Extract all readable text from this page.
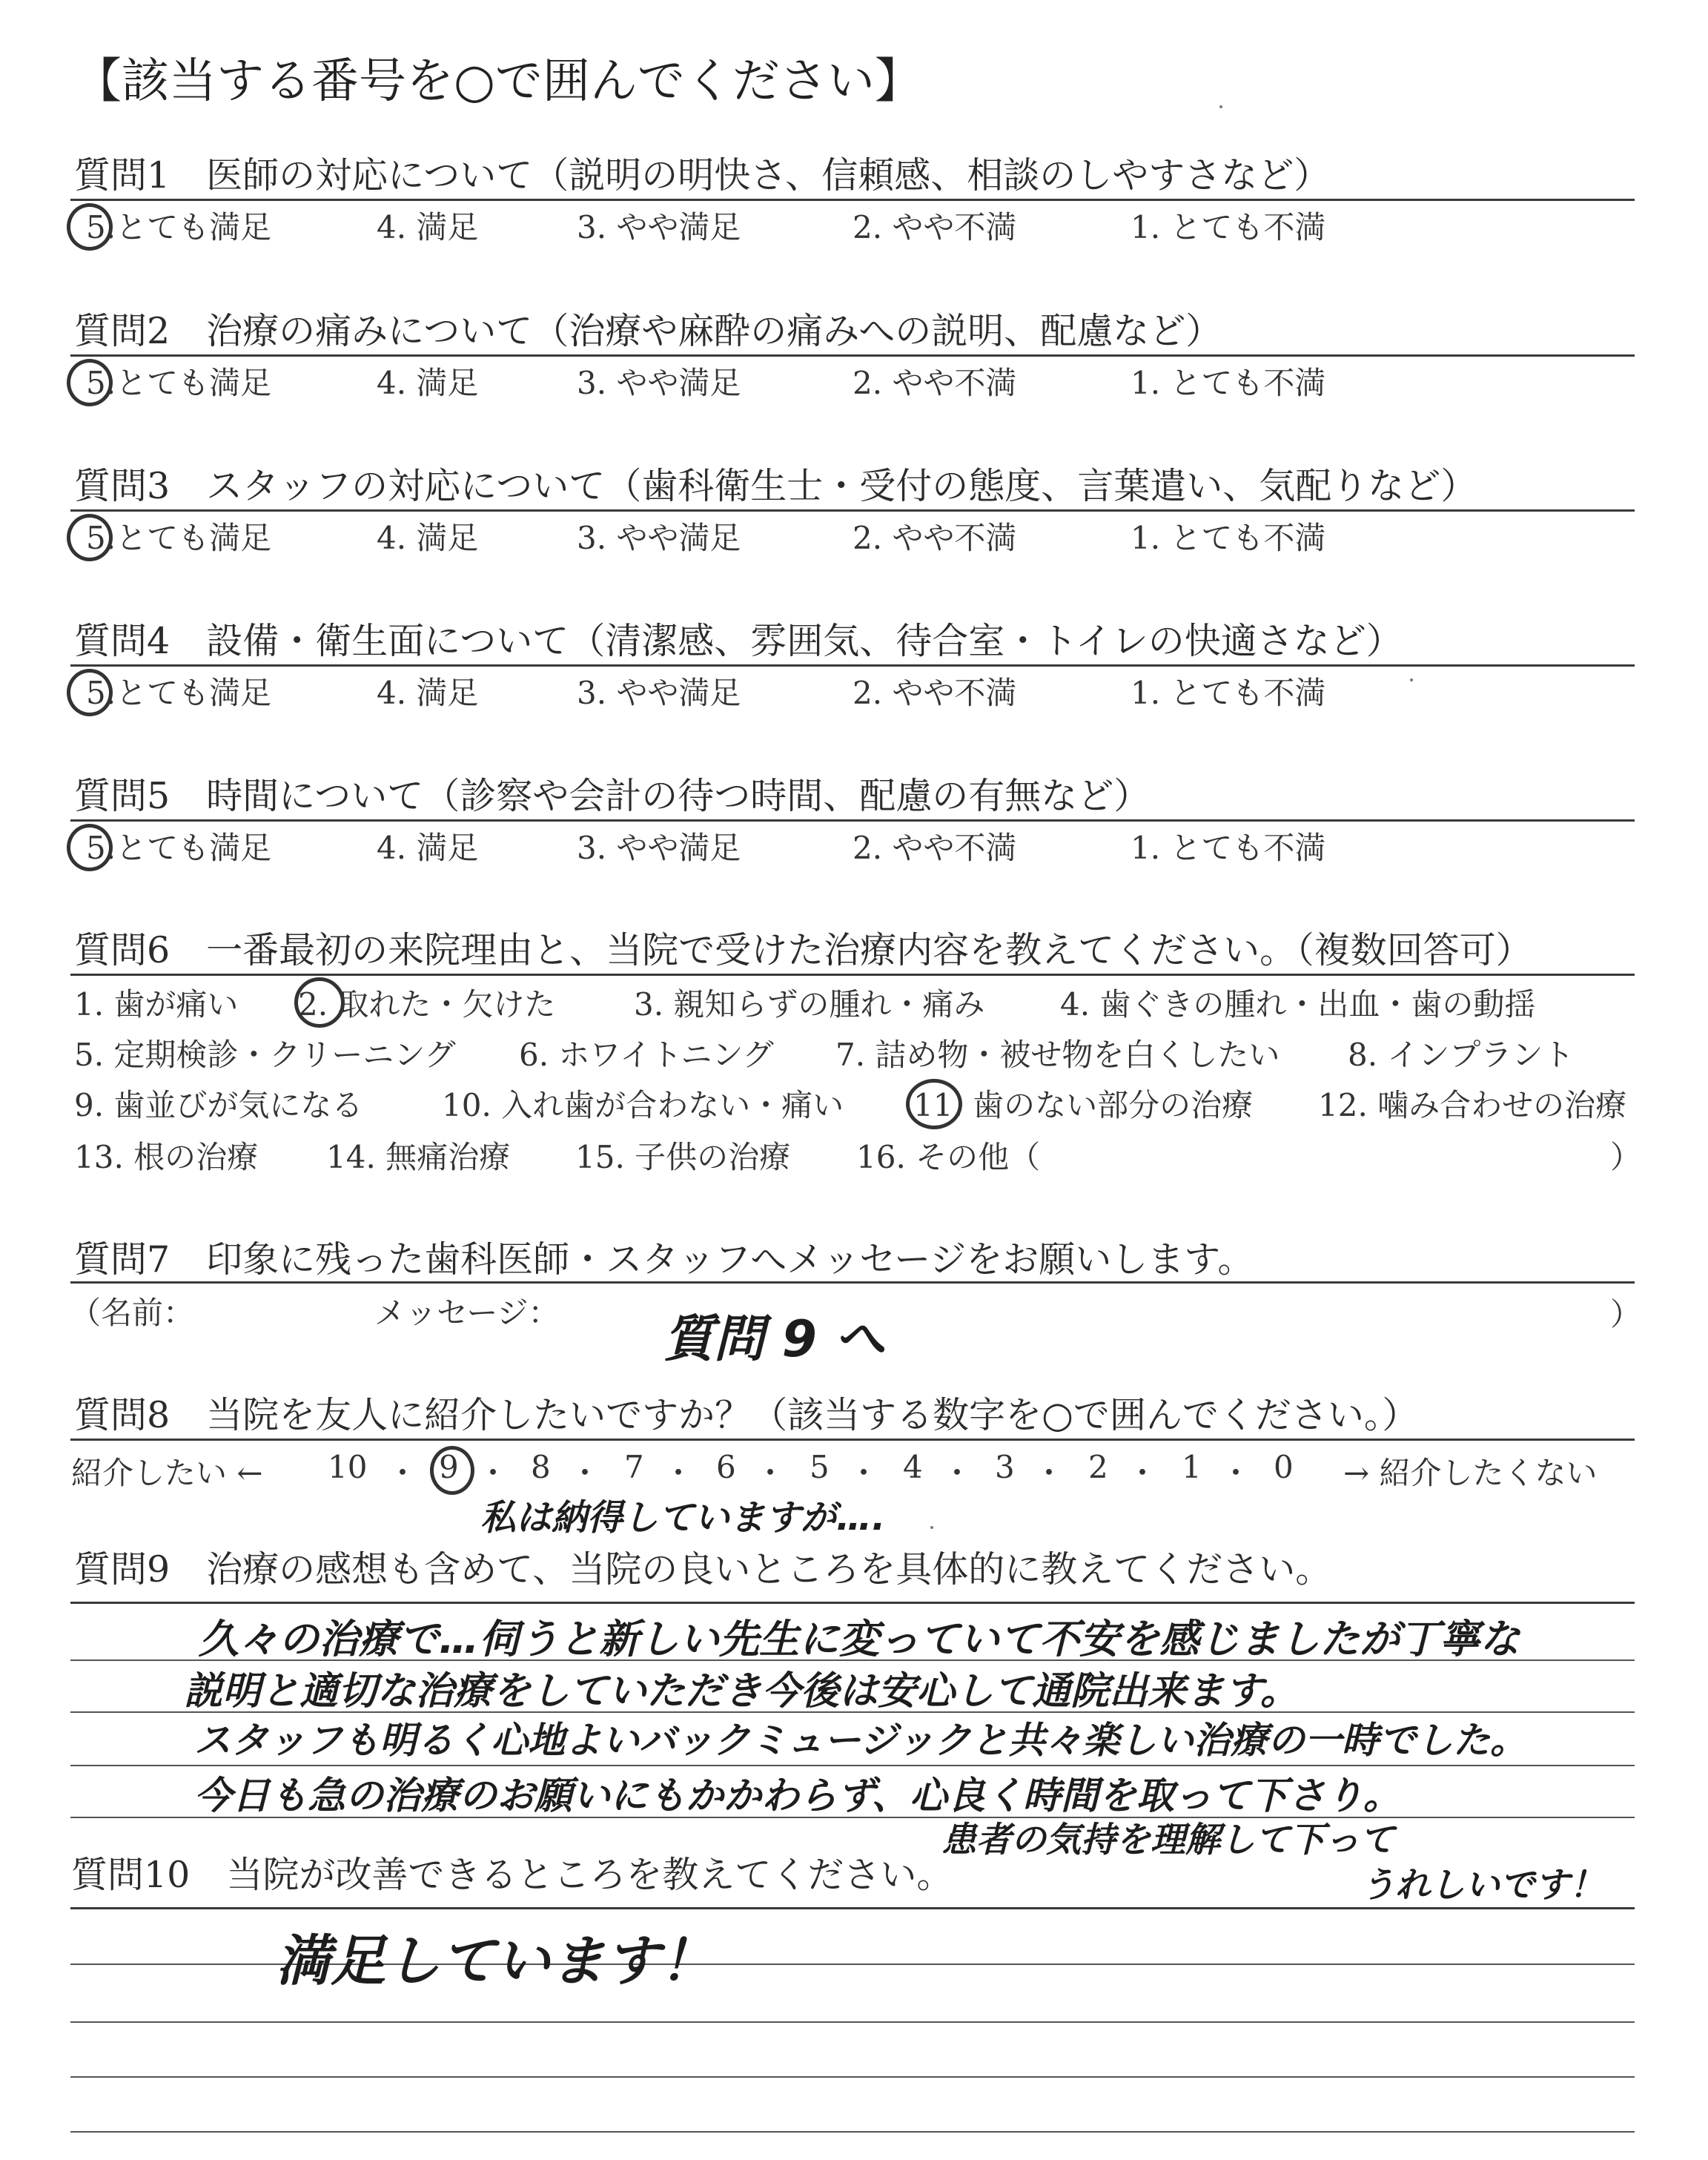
【該当する番号を○で囲んでください】
質問1　医師の対応について（説明の明快さ、信頼感、相談のしやすさなど）
5.とても満足	4. 満足	3. やや満足	2. やや不満	1. とても不満
質問2　治療の痛みについて（治療や麻酔の痛みへの説明、配慮など）
5.とても満足	4. 満足	3. やや満足	2. やや不満	1. とても不満
質問3　スタッフの対応について（歯科衛生士・受付の態度、言葉遣い、気配りなど）
5.とても満足	4. 満足	3. やや満足	2. やや不満	1. とても不満
質問4　設備・衛生面について（清潔感、雰囲気、待合室・トイレの快適さなど）
5.とても満足	4. 満足	3. やや満足	2. やや不満	1. とても不満
質問5　時間について（診察や会計の待つ時間、配慮の有無など）
5.とても満足	4. 満足	3. やや満足	2. やや不満	1. とても不満
質問6　一番最初の来院理由と、当院で受けた治療内容を教えてください。（複数回答可）
1. 歯が痛い 2. 取れた・欠けた	3. 親知らずの腫れ・痛み 4. 歯ぐきの腫れ・出血・歯の動揺
5. 定期検診・クリーニング 6. ホワイトニング 7. 詰め物・被せ物を白くしたい 8. インプラント
9. 歯並びが気になる	10. 入れ歯が合わない・痛い 11. 歯のない部分の治療 12. 噛み合わせの治療
13. 根の治療 14. 無痛治療 15. 子供の治療 16. その他（	）
質問7　印象に残った歯科医師・スタッフへメッセージをお願いします。
（名前：	メッセージ：	）
質問 9 へ
質問8　当院を友人に紹介したいですか？（該当する数字を○で囲んでください。）
紹介したい ← 10 ・ 9 ・ 8 ・ 7 ・ 6 ・ 5 ・ 4 ・ 3 ・ 2 ・ 1 ・ 0 → 紹介したくない
私は納得していますが….
質問9　治療の感想も含めて、当院の良いところを具体的に教えてください。
久々の治療で…伺うと新しい先生に変っていて不安を感じましたが丁寧な
説明と適切な治療をしていただき今後は安心して通院出来ます。
スタッフも明るく心地よいバックミュージックと共々楽しい治療の一時でした。
今日も急の治療のお願いにもかかわらず、心良く時間を取って下さり。
患者の気持を理解して下って
うれしいです！
質問10　当院が改善できるところを教えてください。
満足しています！
